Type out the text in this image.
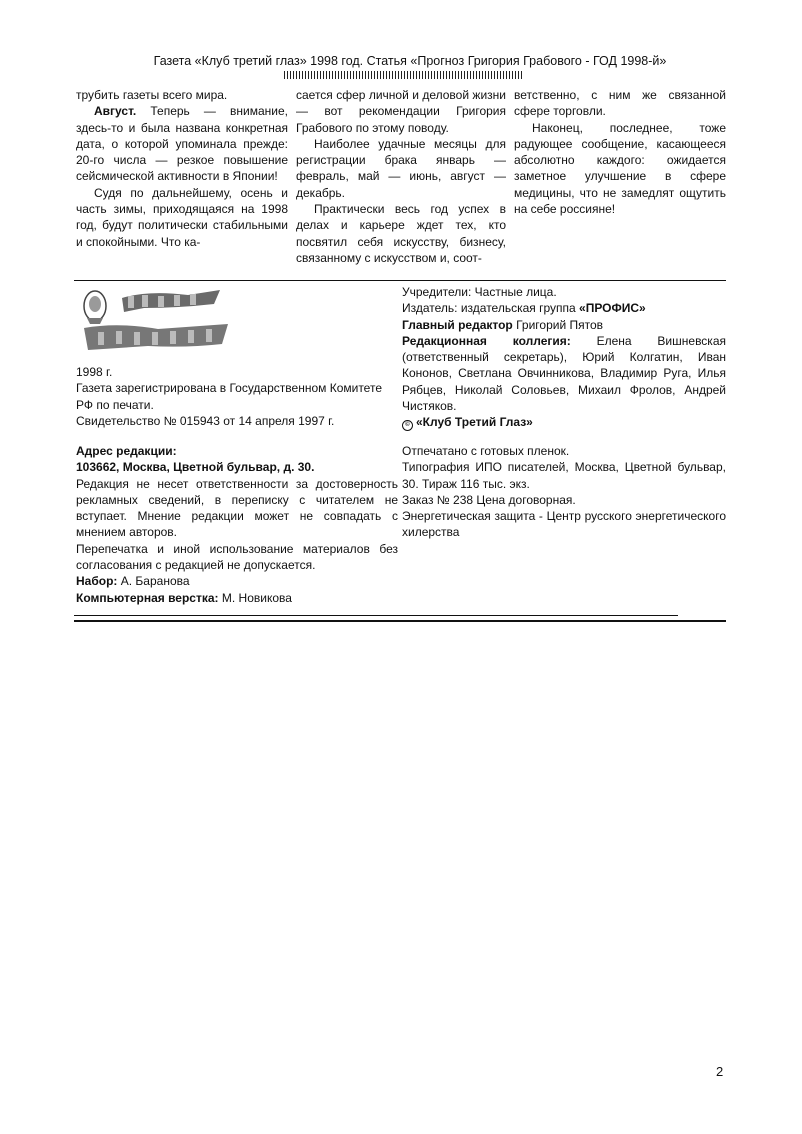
Газета «Клуб третий глаз» 1998 год. Статья «Прогноз Григория Грабового - ГОД 1998-й»

трубить газеты всего мира.

Август. Теперь — внимание, здесь-то и была названа конкретная дата, о которой упоминала прежде: 20-го числа — резкое повышение сейсмической активности в Японии!

Судя по дальнейшему, осень и часть зимы, приходящаяся на 1998 год, будут политически стабильными и спокойными. Что ка-

сается сфер личной и деловой жизни — вот рекомендации Григория Грабового по этому поводу.

Наиболее удачные месяцы для регистрации брака январь — февраль, май — июнь, август — декабрь.

Практически весь год успех в делах и карьере ждет тех, кто посвятил себя искусству, бизнесу, связанному с искусством и, соот-

ветственно, с ним же связанной сфере торговли.

Наконец, последнее, тоже радующее сообщение, касающееся абсолютно каждого: ожидается заметное улучшение в сфере медицины, что не замедлят ощутить на себе россияне!

1998 г.

Газета зарегистрирована в Государственном Комитете РФ по печати.

Свидетельство № 015943 от 14 апреля 1997 г.

Адрес редакции:

103662, Москва, Цветной бульвар, д. 30.

Редакция не несет ответственности за достоверность рекламных сведений, в переписку с читателем не вступает. Мнение редакции может не совпадать с мнением авторов.

Перепечатка и иной использование материалов без согласования с редакцией не допускается.

Набор: А. Баранова

Компьютерная верстка: М. Новикова

Учредители: Частные лица.

Издатель: издательская группа «ПРОФИС»

Главный редактор Григорий Пятов

Редакционная коллегия: Елена Вишневская (ответственный секретарь), Юрий Колгатин, Иван Кононов, Светлана Овчинникова, Владимир Руга, Илья Рябцев, Николай Соловьев, Михаил Фролов, Андрей Чистяков.

© «Клуб Третий Глаз»

Отпечатано с готовых пленок.

Типография ИПО писателей, Москва, Цветной бульвар, 30. Тираж 116 тыс. экз.

Заказ № 238 Цена договорная.

Энергетическая защита - Центр русского энергетического хилерства

2
